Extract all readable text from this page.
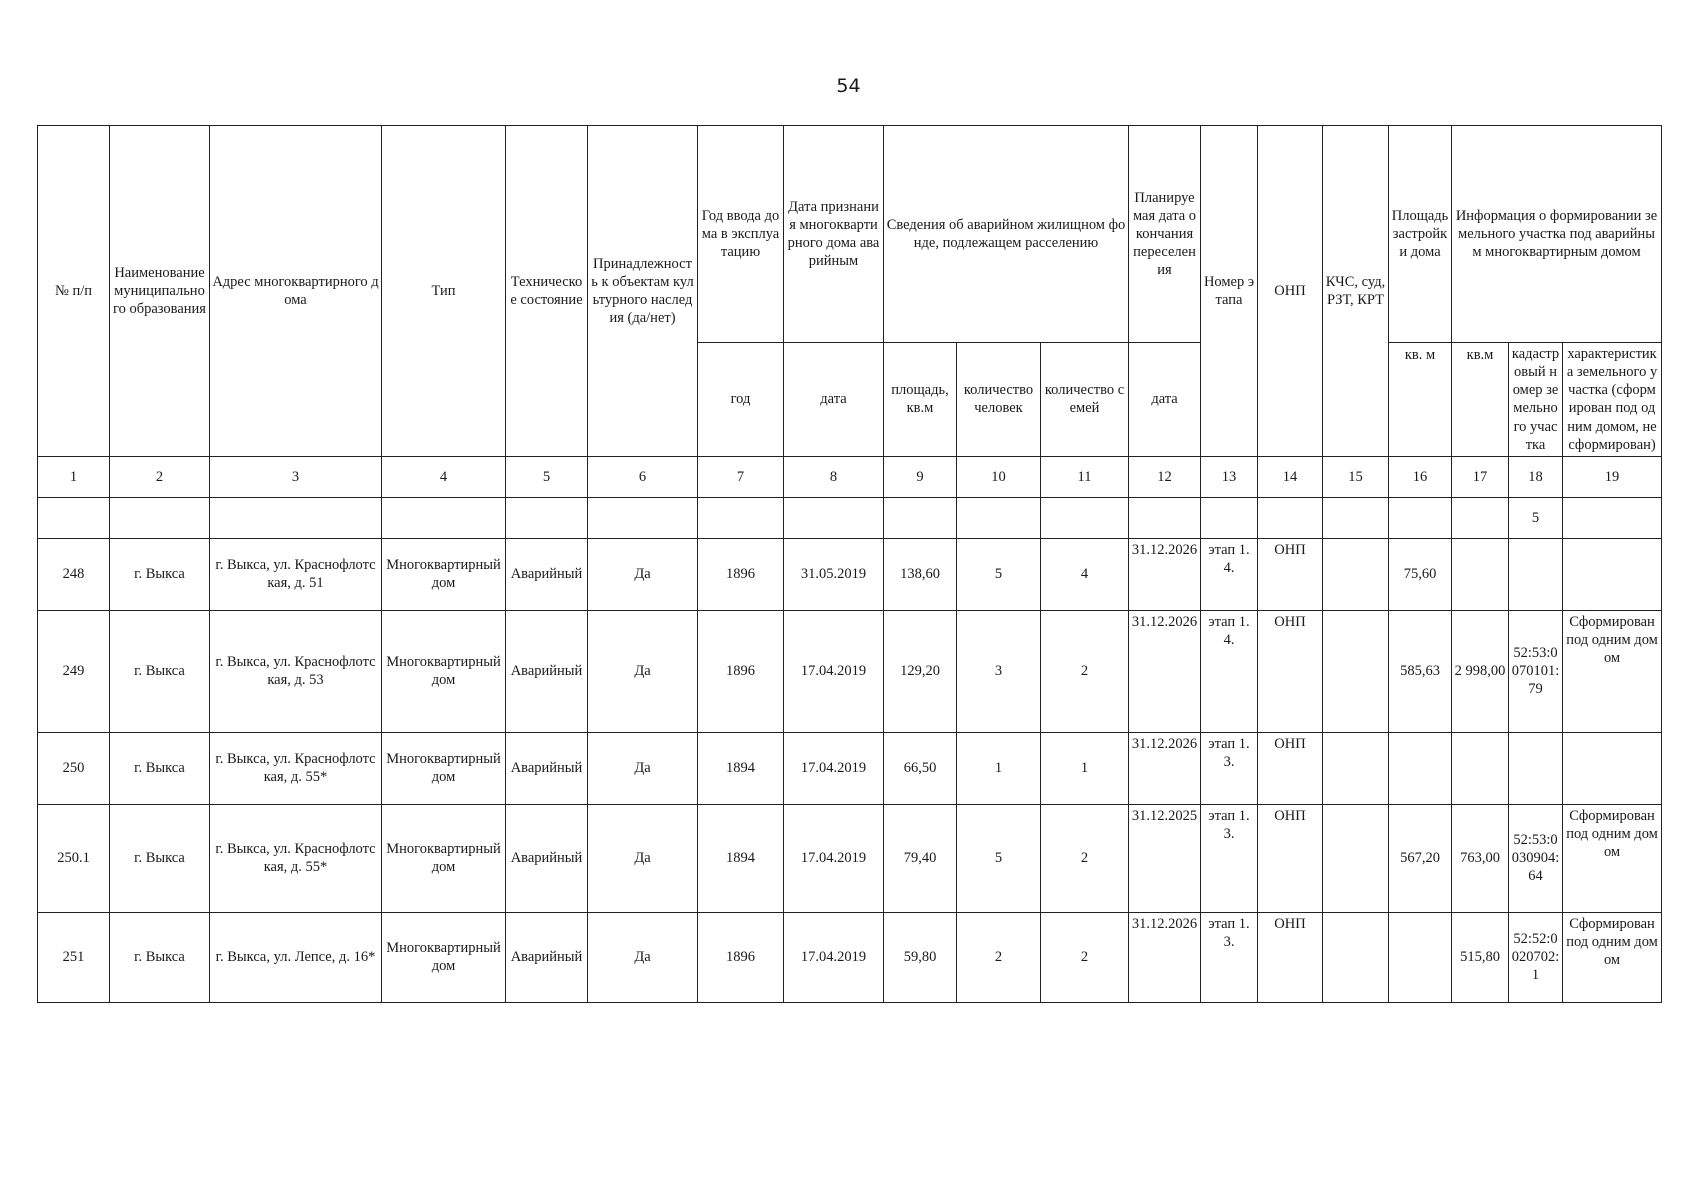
54
№ п/п	Наименование муниципального образования	Адрес многоквартирного дома	Тип	Техническое состояние	Принадлежность к объектам культурного наследия (да/нет)	Год ввода дома в эксплуатацию	Дата признания многоквартирного дома аварийным	Сведения об аварийном жилищном фонде, подлежащем расселению			Планируемая дата окончания переселения	Номер этапа	ОНП	КЧС, суд, РЗТ, КРТ	Площадь застройки дома	Информация о формировании земельного участка под аварийным многоквартирным домом		
						год	дата	площадь, кв.м	количество человек	количество семей	дата				кв. м	кв.м	кадастровый номер земельного участка	характеристика земельного участка (сформирован под одним домом, не сформирован)
1	2	3	4	5	6	7	8	9	10	11	12	13	14	15	16	17	18	19
																	5	
248	г. Выкса	г. Выкса, ул. Краснофлотская, д. 51	Многоквартирный дом	Аварийный	Да	1896	31.05.2019	138,60	5	4	31.12.2026	этап 1.4.	ОНП		75,60			
249	г. Выкса	г. Выкса, ул. Краснофлотская, д. 53	Многоквартирный дом	Аварийный	Да	1896	17.04.2019	129,20	3	2	31.12.2026	этап 1.4.	ОНП		585,63	2 998,00	52:53:0070101:79	Сформирован под одним домом
250	г. Выкса	г. Выкса, ул. Краснофлотская, д. 55*	Многоквартирный дом	Аварийный	Да	1894	17.04.2019	66,50	1	1	31.12.2026	этап 1.3.	ОНП					
250.1	г. Выкса	г. Выкса, ул. Краснофлотская, д. 55*	Многоквартирный дом	Аварийный	Да	1894	17.04.2019	79,40	5	2	31.12.2025	этап 1.3.	ОНП		567,20	763,00	52:53:0030904:64	Сформирован под одним домом
251	г. Выкса	г. Выкса, ул. Лепсе, д. 16*	Многоквартирный дом	Аварийный	Да	1896	17.04.2019	59,80	2	2	31.12.2026	этап 1.3.	ОНП			515,80	52:52:0020702:1	Сформирован под одним домом
